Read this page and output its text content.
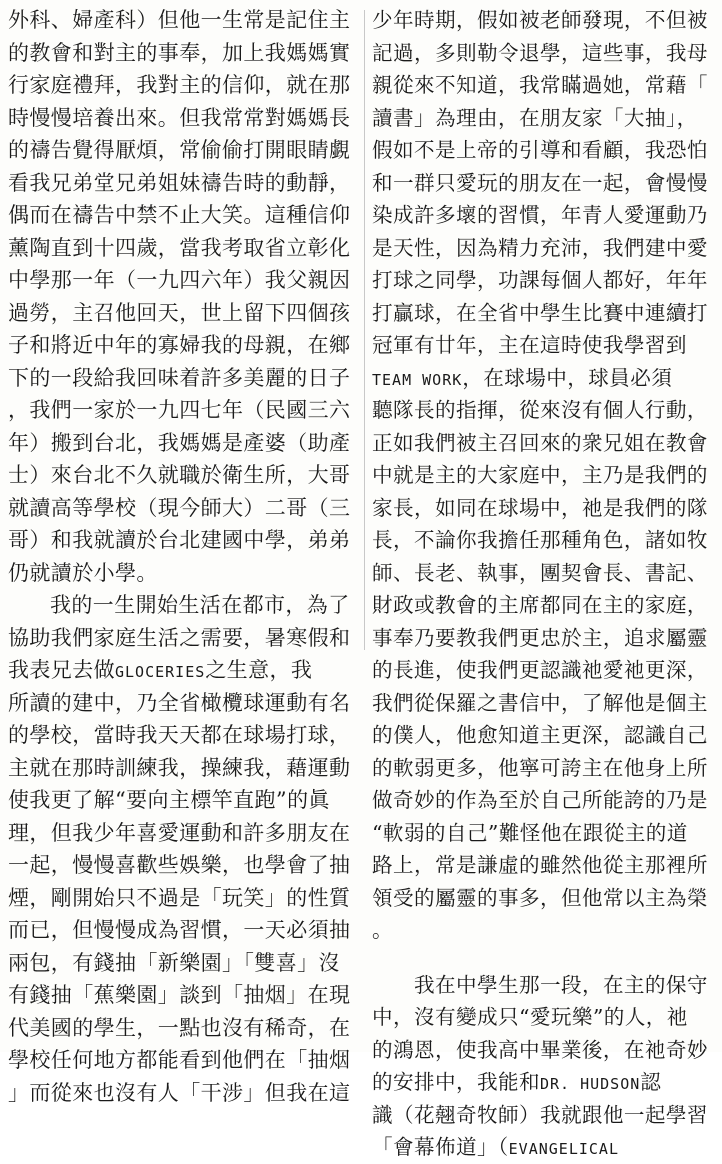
外科、婦產科）但他一生常是記住主
的教會和對主的事奉，加上我媽媽實
行家庭禮拜，我對主的信仰，就在那
時慢慢培養出來。但我常常對媽媽長
的禱告覺得厭煩，常偷偷打開眼睛覷
看我兄弟堂兄弟姐妹禱告時的動靜，
偶而在禱告中禁不止大笑。這種信仰
薰陶直到十四歲，當我考取省立彰化
中學那一年（一九四六年）我父親因
過勞，主召他回天，世上留下四個孩
子和將近中年的寡婦我的母親，在鄉
下的一段給我回味着許多美麗的日子
，我們一家於一九四七年（民國三六
年）搬到台北，我媽媽是產婆（助產
士）來台北不久就職於衛生所，大哥
就讀高等學校（現今師大）二哥（三
哥）和我就讀於台北建國中學，弟弟
仍就讀於小學。
我的一生開始生活在都市，為了
協助我們家庭生活之需要，暑寒假和
我表兄去做GLOCERIES之生意，我
所讀的建中，乃全省橄欖球運動有名
的學校，當時我天天都在球場打球，
主就在那時訓練我，操練我，藉運動
使我更了解“要向主標竿直跑”的眞
理，但我少年喜愛運動和許多朋友在
一起，慢慢喜歡些娛樂，也學會了抽
煙，剛開始只不過是「玩笑」的性質
而已，但慢慢成為習慣，一天必須抽
兩包，有錢抽「新樂園」「雙喜」沒
有錢抽「蕉樂園」談到「抽烟」在現
代美國的學生，一點也沒有稀奇，在
學校任何地方都能看到他們在「抽烟
」而從來也沒有人「干涉」但我在這
少年時期，假如被老師發現，不但被
記過，多則勒令退學，這些事，我母
親從來不知道，我常瞞過她，常藉「
讀書」為理由，在朋友家「大抽」，
假如不是上帝的引導和看顧，我恐怕
和一群只愛玩的朋友在一起，會慢慢
染成許多壞的習慣，年青人愛運動乃
是天性，因為精力充沛，我們建中愛
打球之同學，功課每個人都好，年年
打贏球，在全省中學生比賽中連續打
冠軍有廿年，主在這時使我學習到
TEAM WORK，在球場中，球員必須
聽隊長的指揮，從來沒有個人行動，
正如我們被主召回來的衆兄姐在教會
中就是主的大家庭中，主乃是我們的
家長，如同在球場中，祂是我們的隊
長，不論你我擔任那種角色，諸如牧
師、長老、執事，團契會長、書記、
財政或教會的主席都同在主的家庭，
事奉乃要教我們更忠於主，追求屬靈
的長進，使我們更認識祂愛祂更深，
我們從保羅之書信中，了解他是個主
的僕人，他愈知道主更深，認識自己
的軟弱更多，他寧可誇主在他身上所
做奇妙的作為至於自己所能誇的乃是
“軟弱的自己”難怪他在跟從主的道
路上，常是謙虛的雖然他從主那裡所
領受的屬靈的事多，但他常以主為榮
。
我在中學生那一段，在主的保守
中，沒有變成只“愛玩樂”的人，祂
的鴻恩，使我高中畢業後，在祂奇妙
的安排中，我能和DR. HUDSON認
識（花翹奇牧師）我就跟他一起學習
「會幕佈道」（EVANGELICAL
